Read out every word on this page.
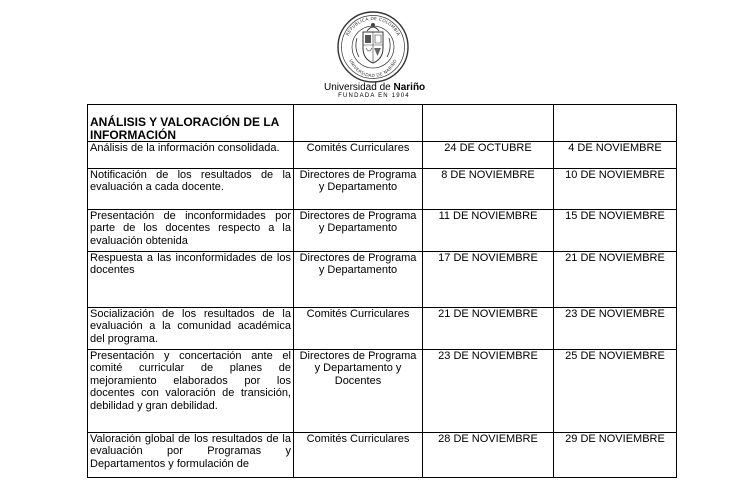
REPUBLICA DE COLOMBIA
UNIVERSIDAD DE NARIÑO
Universidad de Nariño
FUNDADA EN 1904
ANÁLISIS Y VALORACIÓN DE LA INFORMACIÓN			
Análisis de la información consolidada.	Comités Curriculares	24 DE OCTUBRE	4 DE NOVIEMBRE
Notificación de los resultados de la evaluación a cada docente.	Directores de Programa y Departamento	8 DE NOVIEMBRE	10 DE NOVIEMBRE
Presentación de inconformidades por parte de los docentes respecto a la evaluación obtenida	Directores de Programa y Departamento	11 DE NOVIEMBRE	15 DE NOVIEMBRE
Respuesta a las inconformidades de los docentes	Directores de Programa y Departamento	17 DE NOVIEMBRE	21 DE NOVIEMBRE
Socialización de los resultados de la evaluación a la comunidad académica del programa.	Comités Curriculares	21 DE NOVIEMBRE	23 DE NOVIEMBRE
Presentación y concertación ante el comité curricular de planes de mejoramiento elaborados por los docentes con valoración de transición, debilidad y gran debilidad.	Directores de Programa y Departamento y Docentes	23 DE NOVIEMBRE	25 DE NOVIEMBRE
Valoración global de los resultados de la evaluación por Programas y Departamentos y formulación de	Comités Curriculares	28 DE NOVIEMBRE	29 DE NOVIEMBRE
